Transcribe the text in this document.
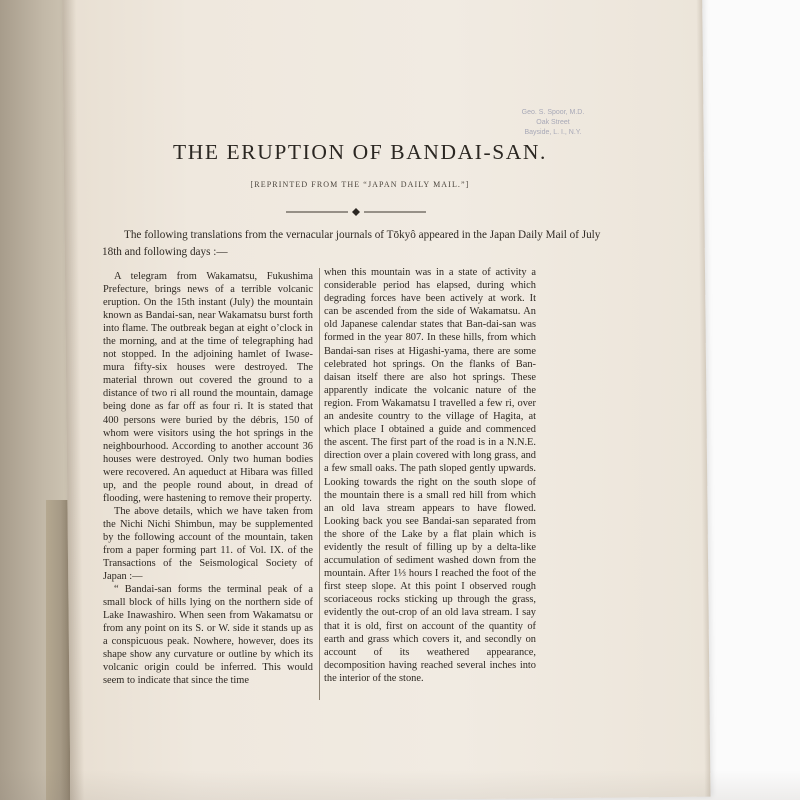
Geo. S. Spoor, M.D.
Oak Street
Bayside, L. I., N.Y.
THE ERUPTION OF BANDAI-SAN.

[REPRINTED FROM THE “JAPAN DAILY MAIL.”]

The following translations from the vernacular journals of Tōkyô appeared in the Japan Daily Mail of July 18th and following days :—

A telegram from Wakamatsu, Fukushima Prefecture, brings news of a terrible volcanic eruption. On the 15th instant (July) the mountain known as Bandai-san, near Wakamatsu burst forth into flame. The outbreak began at eight o’clock in the morning, and at the time of telegraphing had not stopped. In the adjoining hamlet of Iwase-mura fifty-six houses were destroyed. The material thrown out covered the ground to a distance of two ri all round the mountain, damage being done as far off as four ri. It is stated that 400 persons were buried by the débris, 150 of whom were visitors using the hot springs in the neighbourhood. According to another account 36 houses were destroyed. Only two human bodies were recovered. An aqueduct at Hibara was filled up, and the people round about, in dread of flooding, were hastening to remove their property.

The above details, which we have taken from the Nichi Nichi Shimbun, may be supplemented by the following account of the mountain, taken from a paper forming part 11. of Vol. IX. of the Transactions of the Seismological Society of Japan :—

“ Bandai-san forms the terminal peak of a small block of hills lying on the northern side of Lake Inawashiro. When seen from Wakamatsu or from any point on its S. or W. side it stands up as a conspicuous peak. Nowhere, however, does its shape show any curvature or outline by which its volcanic origin could be inferred. This would seem to indicate that since the time

when this mountain was in a state of activity a considerable period has elapsed, during which degrading forces have been actively at work. It can be ascended from the side of Wakamatsu. An old Japanese calendar states that Ban-dai-san was formed in the year 807. In these hills, from which Bandai-san rises at Higashi-yama, there are some celebrated hot springs. On the flanks of Ban-daisan itself there are also hot springs. These apparently indicate the volcanic nature of the region. From Wakamatsu I travelled a few ri, over an andesite country to the village of Hagita, at which place I obtained a guide and commenced the ascent. The first part of the road is in a N.N.E. direction over a plain covered with long grass, and a few small oaks. The path sloped gently upwards. Looking towards the right on the south slope of the mountain there is a small red hill from which an old lava stream appears to have flowed. Looking back you see Bandai-san separated from the shore of the Lake by a flat plain which is evidently the result of filling up by a delta-like accumulation of sediment washed down from the mountain. After 1⅓ hours I reached the foot of the first steep slope. At this point I observed rough scoriaceous rocks sticking up through the grass, evidently the out-crop of an old lava stream. I say that it is old, first on account of the quantity of earth and grass which covers it, and secondly on account of its weathered appearance, decomposition having reached several inches into the interior of the stone.
